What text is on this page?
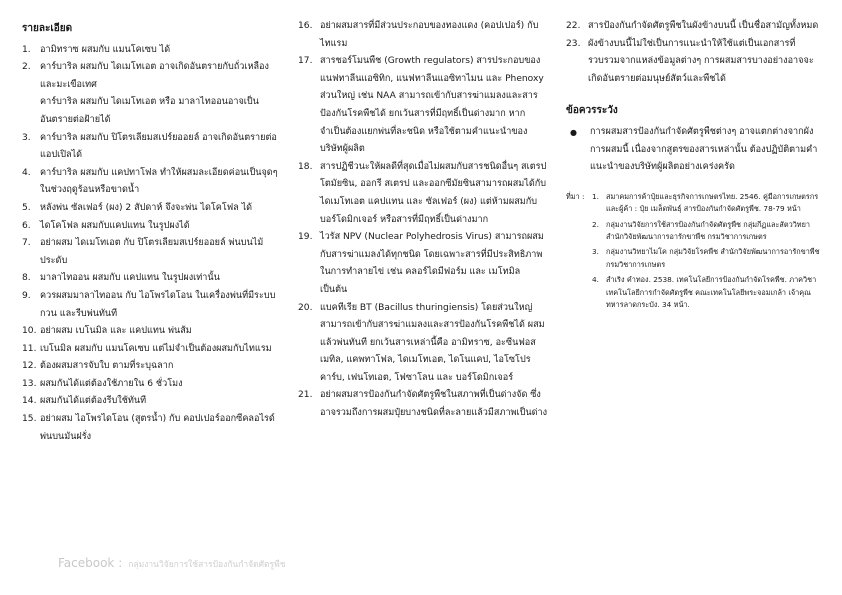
รายละเอียด
1.	อามิทราซ ผสมกับ แมนโคเซบ ได้
2.	คาร์บาริล ผสมกับ ไดเมโทเอต อาจเกิดอันตรายกับถั่วเหลือง และมะเขือเทศ
คาร์บาริล ผสมกับ ไดเมโทเอต หรือ มาลาไทออนอาจเป็นอันตรายต่อฝ้ายได้
3.	คาร์บาริล ผสมกับ ปิโตรเลียมสเปร์ยออยล์ อาจเกิดอันตรายต่อ แอปเปิลได้
4.	คาร์บาริล ผสมกับ แคปทาโฟล ทำให้ผสมละเอียดค่อนเป็นจุดๆ ในช่วงฤดูร้อนหรือขาดน้ำ
5.	หลังพ่น ซัลเฟอร์ (ผง) 2 สัปดาห์ จึงจะพ่น ไดโคโฟล ได้
6.	ไดโคโฟล ผสมกับแคปแทน ในรูปผงได้
7.	อย่าผสม ไดเมโทเอต กับ ปิโตรเลียมสเปร์ยออยล์ พ่นบนไม้ประดับ
8.	มาลาไทออน ผสมกับ แคปแทน ในรูปผงเท่านั้น
9.	ควรผสมมาลาไทออน กับ ไอโพรไดโอน ในเครื่องพ่นที่มีระบบกวน และรีบพ่นทันที
10. อย่าผสม เบโนมิล และ แคปแทน พ่นส้ม
11. เบโนมิล ผสมกับ แมนโคเซบ แต่ไม่จำเป็นต้องผสมกับไทแรม
12. ต้องผสมสารจับใบ ตามที่ระบุฉลาก
13. ผสมกันได้แต่ต้องใช้ภายใน 6 ชั่วโมง
14. ผสมกันได้แต่ต้องรีบใช้ทันที
15. อย่าผสม ไอโพรไดโอน (สูตรน้ำ) กับ คอปเปอร์ออกซีคลอไรด์ พ่นบนมันฝรั่ง
16. อย่าผสมสารที่มีส่วนประกอบของทองแดง (คอปเปอร์) กับ ไทแรม
17. สารชอร์โมนพืช (Growth regulators) สารประกอบของแนฟทาลีนแอซิทิก, แนฟทาลีนแอซิทาไมน และ Phenoxy ส่วนใหญ่ เช่น NAA สามารถเข้ากับสารฆ่าแมลงและสารป้องกันโรคพืชได้ ยกเว้นสารที่มีฤทธิ์เป็นด่างมาก หากจำเป็นต้องแยกพ่นที่ละชนิด หรือใช้ตามคำแนะนำของบริษัทผู้ผลิต
18. สารปฏิชีวนะให้ผลดีที่สุดเมื่อไม่ผสมกับสารชนิดอื่นๆ สเตรปโตมัยซิน, ออกรี สเตรป และออกซีมัยซินสามารถผสมได้กับ ไดเมโทเอต แคปแทน และ ซัลเฟอร์ (ผง) แต่ห้ามผสมกับ บอร์โดมิกเจอร์ หรือสารที่มีฤทธิ์เป็นด่างมาก
19. ไวรัส NPV (Nuclear Polyhedrosis Virus) สามารถผสมกับสารฆ่าแมลงได้ทุกชนิด โดยเฉพาะสารที่มีประสิทธิภาพในการทำลายไข่ เช่น คลอร์ไดมีฟอร์ม และ เมโทมิล เป็นต้น
20. แบคทีเรีย BT (Bacillus thuringiensis) โดยส่วนใหญ่สามารถเข้ากับสารฆ่าแมลงและสารป้องกันโรคพืชได้ ผสมแล้วพ่นทันที ยกเว้นสารเหล่านี้คือ อามิทราซ, อะซีนฟอสเมทิล, แคพทาโฟล, ไดเมโทเอต, ไดโนแคป, ไอโซโปรคาร์บ, เฟนโทเอต, โฟซาโลน และ บอร์โดมิกเจอร์
21. อย่าผสมสารป้องกันกำจัดศัตรูพืชในสภาพที่เป็นด่างจัด ซึ่งอาจรวมถึงการผสมปุ๋ยบางชนิดที่ละลายแล้วมีสภาพเป็นด่าง
22. สารป้องกันกำจัดศัตรูพืชในผังข้างบนนี้ เป็นชื่อสามัญทั้งหมด
23. ผังข้างบนนี้ไม่ใช่เป็นการแนะนำให้ใช้แต่เป็นเอกสารที่รวบรวมจากแหล่งข้อมูลต่างๆ การผสมสารบางอย่างอาจจะเกิดอันตรายต่อมนุษย์สัตว์และพืชได้
ข้อควรระวัง
●	การผสมสารป้องกันกำจัดศัตรูพืชต่างๆ อาจแตกต่างจากผังการผสมนี้ เนื่องจากสูตรของสารเหล่านั้น ต้องปฏิบัติตามคำแนะนำของบริษัทผู้ผลิตอย่างเคร่งครัด
ที่มา :	1. สมาคมการค้าปุ๋ยและธุรกิจการเกษตรไทย. 2546. คู่มือการเกษตรกรและผู้ค้า : ปุ๋ย เมล็ดพันธุ์ สารป้องกันกำจัดศัตรูพืช. 78-79 หน้า
2. กลุ่มงานวิจัยการใช้สารป้องกันกำจัดศัตรูพืช กลุ่มกีฏและสัตววิทยา สำนักวิจัยพัฒนาการอารักขาพืช กรมวิชาการเกษตร
3. กลุ่มงานวิทยาไมโค กลุ่มวิจัยโรคพืช สำนักวิจัยพัฒนาการอารักขาพืช กรมวิชาการเกษตร
4. สำเริง คำทอง. 2538. เทคโนโลยีการป้องกันกำจัดโรคพืช. ภาควิชาเทคโนโลยีการกำจัดศัตรูพืช คณะเทคโนโลยีพระจอมเกล้า เจ้าคุณทหารลาดกระบัง. 34 หน้า.
Facebook : กลุ่มงานวิจัยการใช้สารป้องกันกำจัดศัตรูพืช
